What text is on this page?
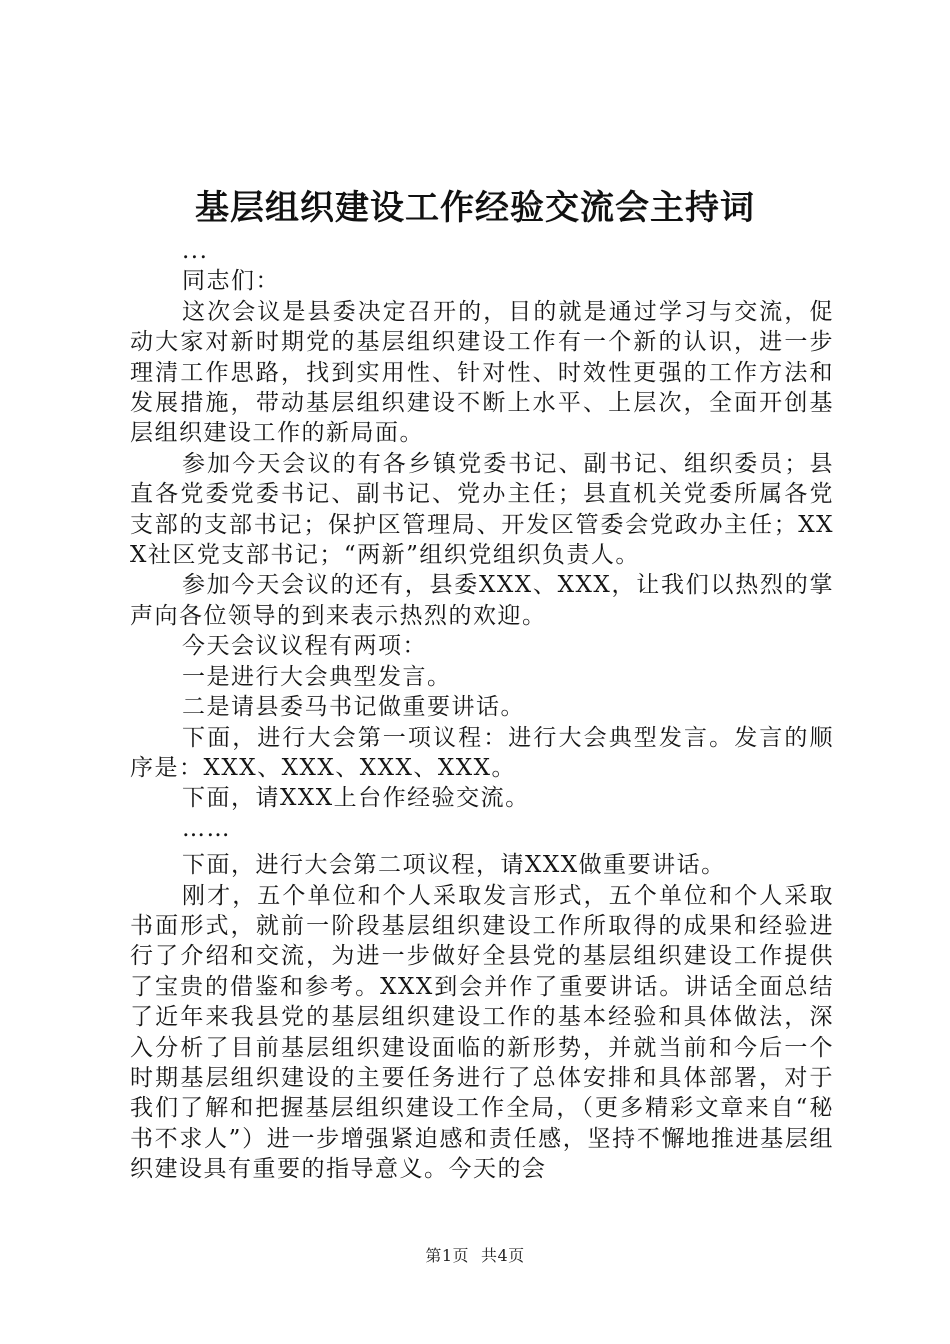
基层组织建设工作经验交流会主持词

...

同志们：

这次会议是县委决定召开的，目的就是通过学习与交流，促动大家对新时期党的基层组织建设工作有一个新的认识，进一步理清工作思路，找到实用性、针对性、时效性更强的工作方法和发展措施，带动基层组织建设不断上水平、上层次，全面开创基层组织建设工作的新局面。

参加今天会议的有各乡镇党委书记、副书记、组织委员；县直各党委党委书记、副书记、党办主任；县直机关党委所属各党支部的支部书记；保护区管理局、开发区管委会党政办主任；XXX社区党支部书记；“两新”组织党组织负责人。

参加今天会议的还有，县委XXX、XXX，让我们以热烈的掌声向各位领导的到来表示热烈的欢迎。

今天会议议程有两项：

一是进行大会典型发言。

二是请县委马书记做重要讲话。

下面，进行大会第一项议程：进行大会典型发言。发言的顺序是：XXX、XXX、XXX、XXX。

下面，请XXX上台作经验交流。

……

下面，进行大会第二项议程，请XXX做重要讲话。

刚才，五个单位和个人采取发言形式，五个单位和个人采取书面形式，就前一阶段基层组织建设工作所取得的成果和经验进行了介绍和交流，为进一步做好全县党的基层组织建设工作提供了宝贵的借鉴和参考。XXX到会并作了重要讲话。讲话全面总结了近年来我县党的基层组织建设工作的基本经验和具体做法，深入分析了目前基层组织建设面临的新形势，并就当前和今后一个时期基层组织建设的主要任务进行了总体安排和具体部署，对于我们了解和把握基层组织建设工作全局，（更多精彩文章来自“秘书不求人”）进一步增强紧迫感和责任感，坚持不懈地推进基层组织建设具有重要的指导意义。今天的会

第1页 共4页
